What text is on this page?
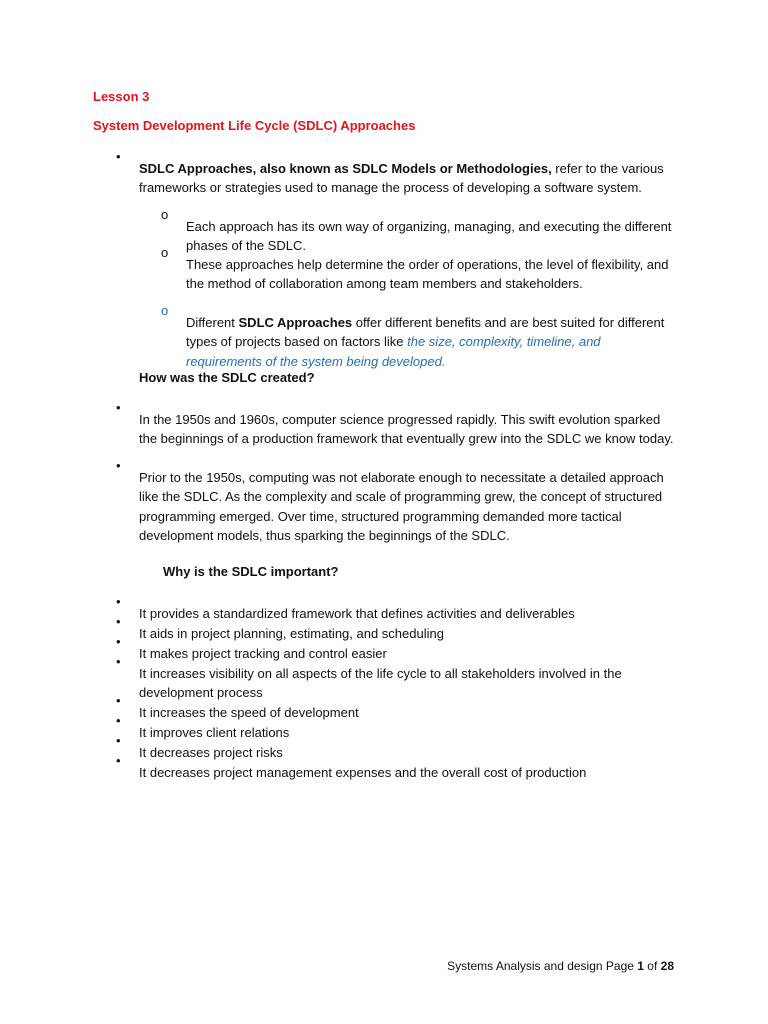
Lesson 3

System Development Life Cycle (SDLC) Approaches

•

SDLC Approaches, also known as SDLC Models or Methodologies, refer to the various frameworks or strategies used to manage the process of developing a software system.

o

Each approach has its own way of organizing, managing, and executing the different phases of the SDLC.

o

These approaches help determine the order of operations, the level of flexibility, and the method of collaboration among team members and stakeholders.

o

Different SDLC Approaches offer different benefits and are best suited for different types of projects based on factors like the size, complexity, timeline, and requirements of the system being developed.

How was the SDLC created?

•

In the 1950s and 1960s, computer science progressed rapidly. This swift evolution sparked the beginnings of a production framework that eventually grew into the SDLC we know today.

•

Prior to the 1950s, computing was not elaborate enough to necessitate a detailed approach like the SDLC. As the complexity and scale of programming grew, the concept of structured programming emerged. Over time, structured programming demanded more tactical development models, thus sparking the beginnings of the SDLC.

Why is the SDLC important?

•

It provides a standardized framework that defines activities and deliverables

•

It aids in project planning, estimating, and scheduling

•

It makes project tracking and control easier

•

It increases visibility on all aspects of the life cycle to all stakeholders involved in the development process

•

It increases the speed of development

•

It improves client relations

•

It decreases project risks

•

It decreases project management expenses and the overall cost of production

Systems Analysis and design Page 1 of 28
